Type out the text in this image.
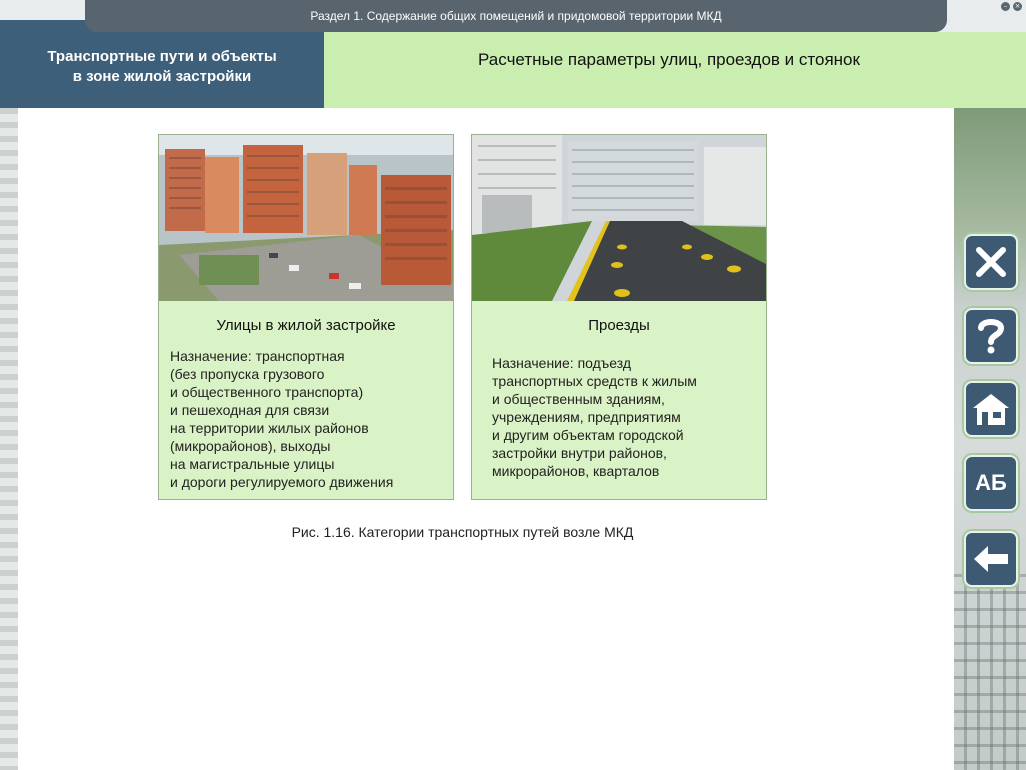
Транспортные пути и объекты
в зоне жилой застройки
Раздел 1. Содержание общих помещений и придомовой территории МКД
–	×
Расчетные параметры улиц, проездов и стоянок
Улицы в жилой застройке
Назначение: транспортная
(без пропуска грузового
и общественного транспорта)
и пешеходная для связи
на территории жилых районов
(микрорайонов), выходы
на магистральные улицы
и дороги регулируемого движения
Проезды
Назначение: подъезд
транспортных средств к жилым
и общественным зданиям,
учреждениям, предприятиям
и другим объектам городской
застройки внутри районов,
микрорайонов, кварталов
Рис. 1.16. Категории транспортных путей возле МКД
АБ
